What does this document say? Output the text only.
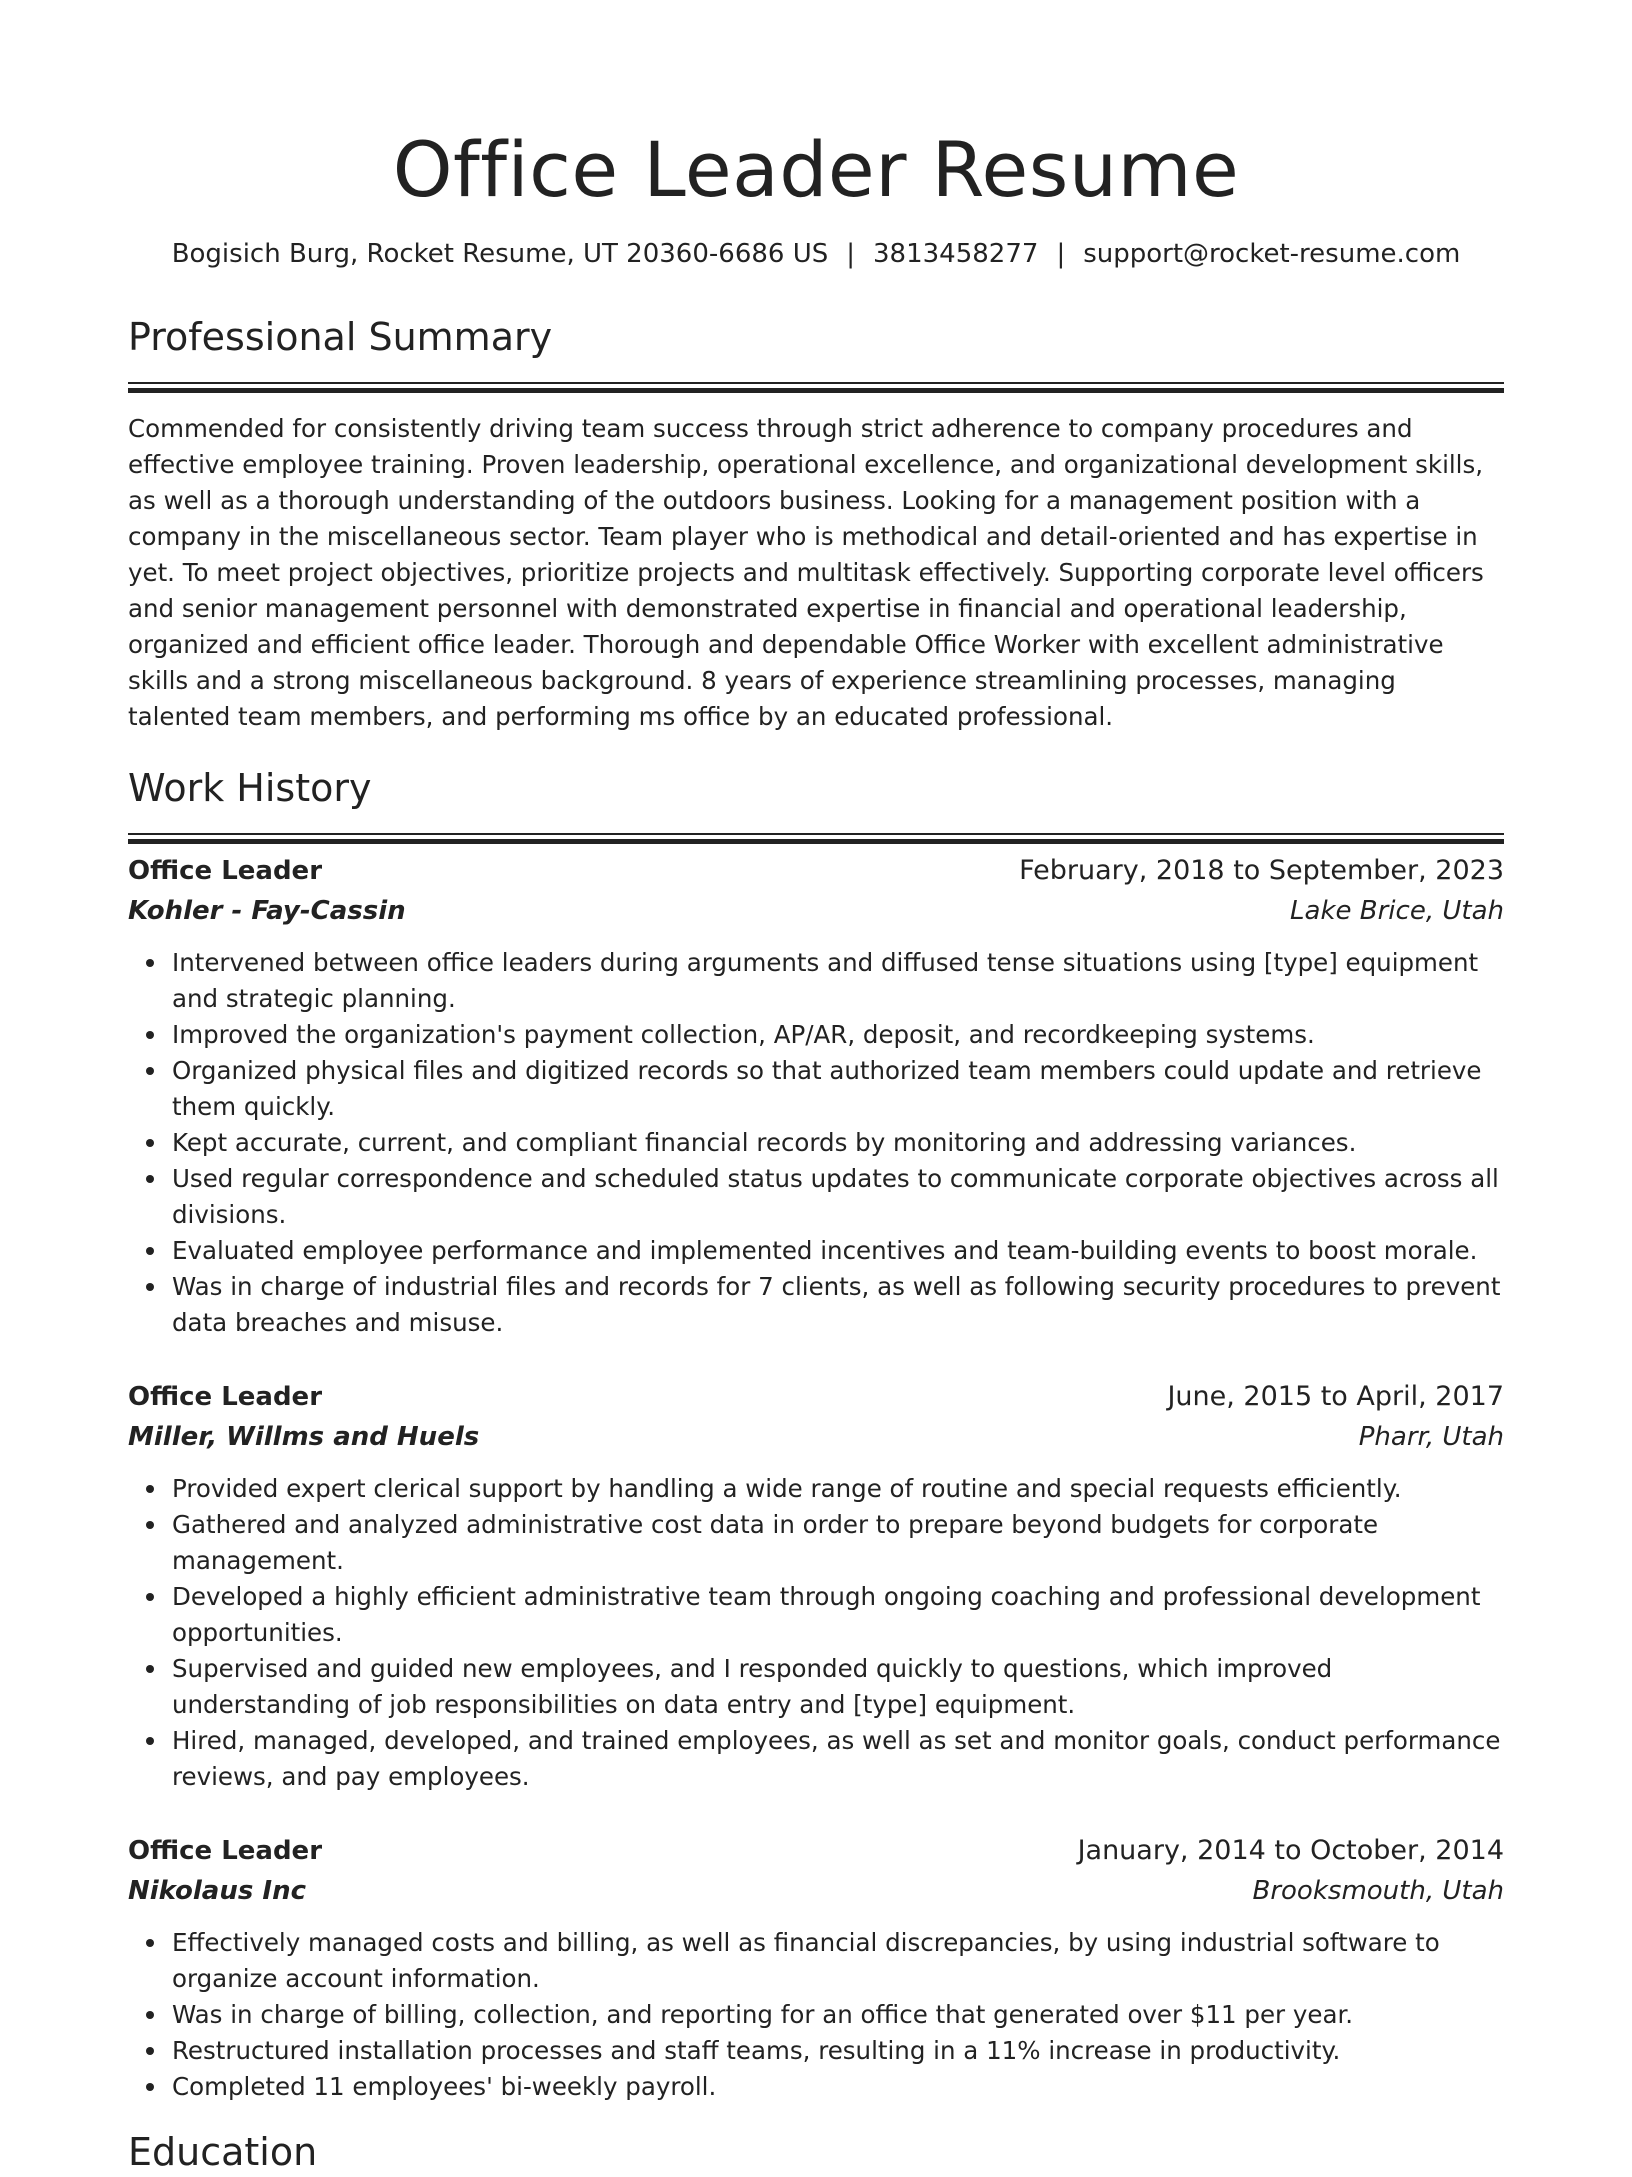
Office Leader Resume
Bogisich Burg, Rocket Resume, UT 20360-6686 US | 3813458277 | support@rocket-resume.com
Professional Summary

Commended for consistently driving team success through strict adherence to company procedures and effective employee training. Proven leadership, operational excellence, and organizational development skills, as well as a thorough understanding of the outdoors business. Looking for a management position with a company in the miscellaneous sector. Team player who is methodical and detail-oriented and has expertise in yet. To meet project objectives, prioritize projects and multitask effectively. Supporting corporate level officers and senior management personnel with demonstrated expertise in financial and operational leadership, organized and efficient office leader. Thorough and dependable Office Worker with excellent administrative skills and a strong miscellaneous background. 8 years of experience streamlining processes, managing talented team members, and performing ms office by an educated professional.

Work History
Office Leader	February, 2018 to September, 2023
Kohler - Fay-Cassin	Lake Brice, Utah
Intervened between office leaders during arguments and diffused tense situations using [type] equipment and strategic planning.
Improved the organization's payment collection, AP/AR, deposit, and recordkeeping systems.
Organized physical files and digitized records so that authorized team members could update and retrieve them quickly.
Kept accurate, current, and compliant financial records by monitoring and addressing variances.
Used regular correspondence and scheduled status updates to communicate corporate objectives across all divisions.
Evaluated employee performance and implemented incentives and team-building events to boost morale.
Was in charge of industrial files and records for 7 clients, as well as following security procedures to prevent data breaches and misuse.
Office Leader	June, 2015 to April, 2017
Miller, Willms and Huels	Pharr, Utah
Provided expert clerical support by handling a wide range of routine and special requests efficiently.
Gathered and analyzed administrative cost data in order to prepare beyond budgets for corporate management.
Developed a highly efficient administrative team through ongoing coaching and professional development opportunities.
Supervised and guided new employees, and I responded quickly to questions, which improved understanding of job responsibilities on data entry and [type] equipment.
Hired, managed, developed, and trained employees, as well as set and monitor goals, conduct performance reviews, and pay employees.
Office Leader	January, 2014 to October, 2014
Nikolaus Inc	Brooksmouth, Utah
Effectively managed costs and billing, as well as financial discrepancies, by using industrial software to organize account information.
Was in charge of billing, collection, and reporting for an office that generated over $11 per year.
Restructured installation processes and staff teams, resulting in a 11% increase in productivity.
Completed 11 employees' bi-weekly payroll.
Education
